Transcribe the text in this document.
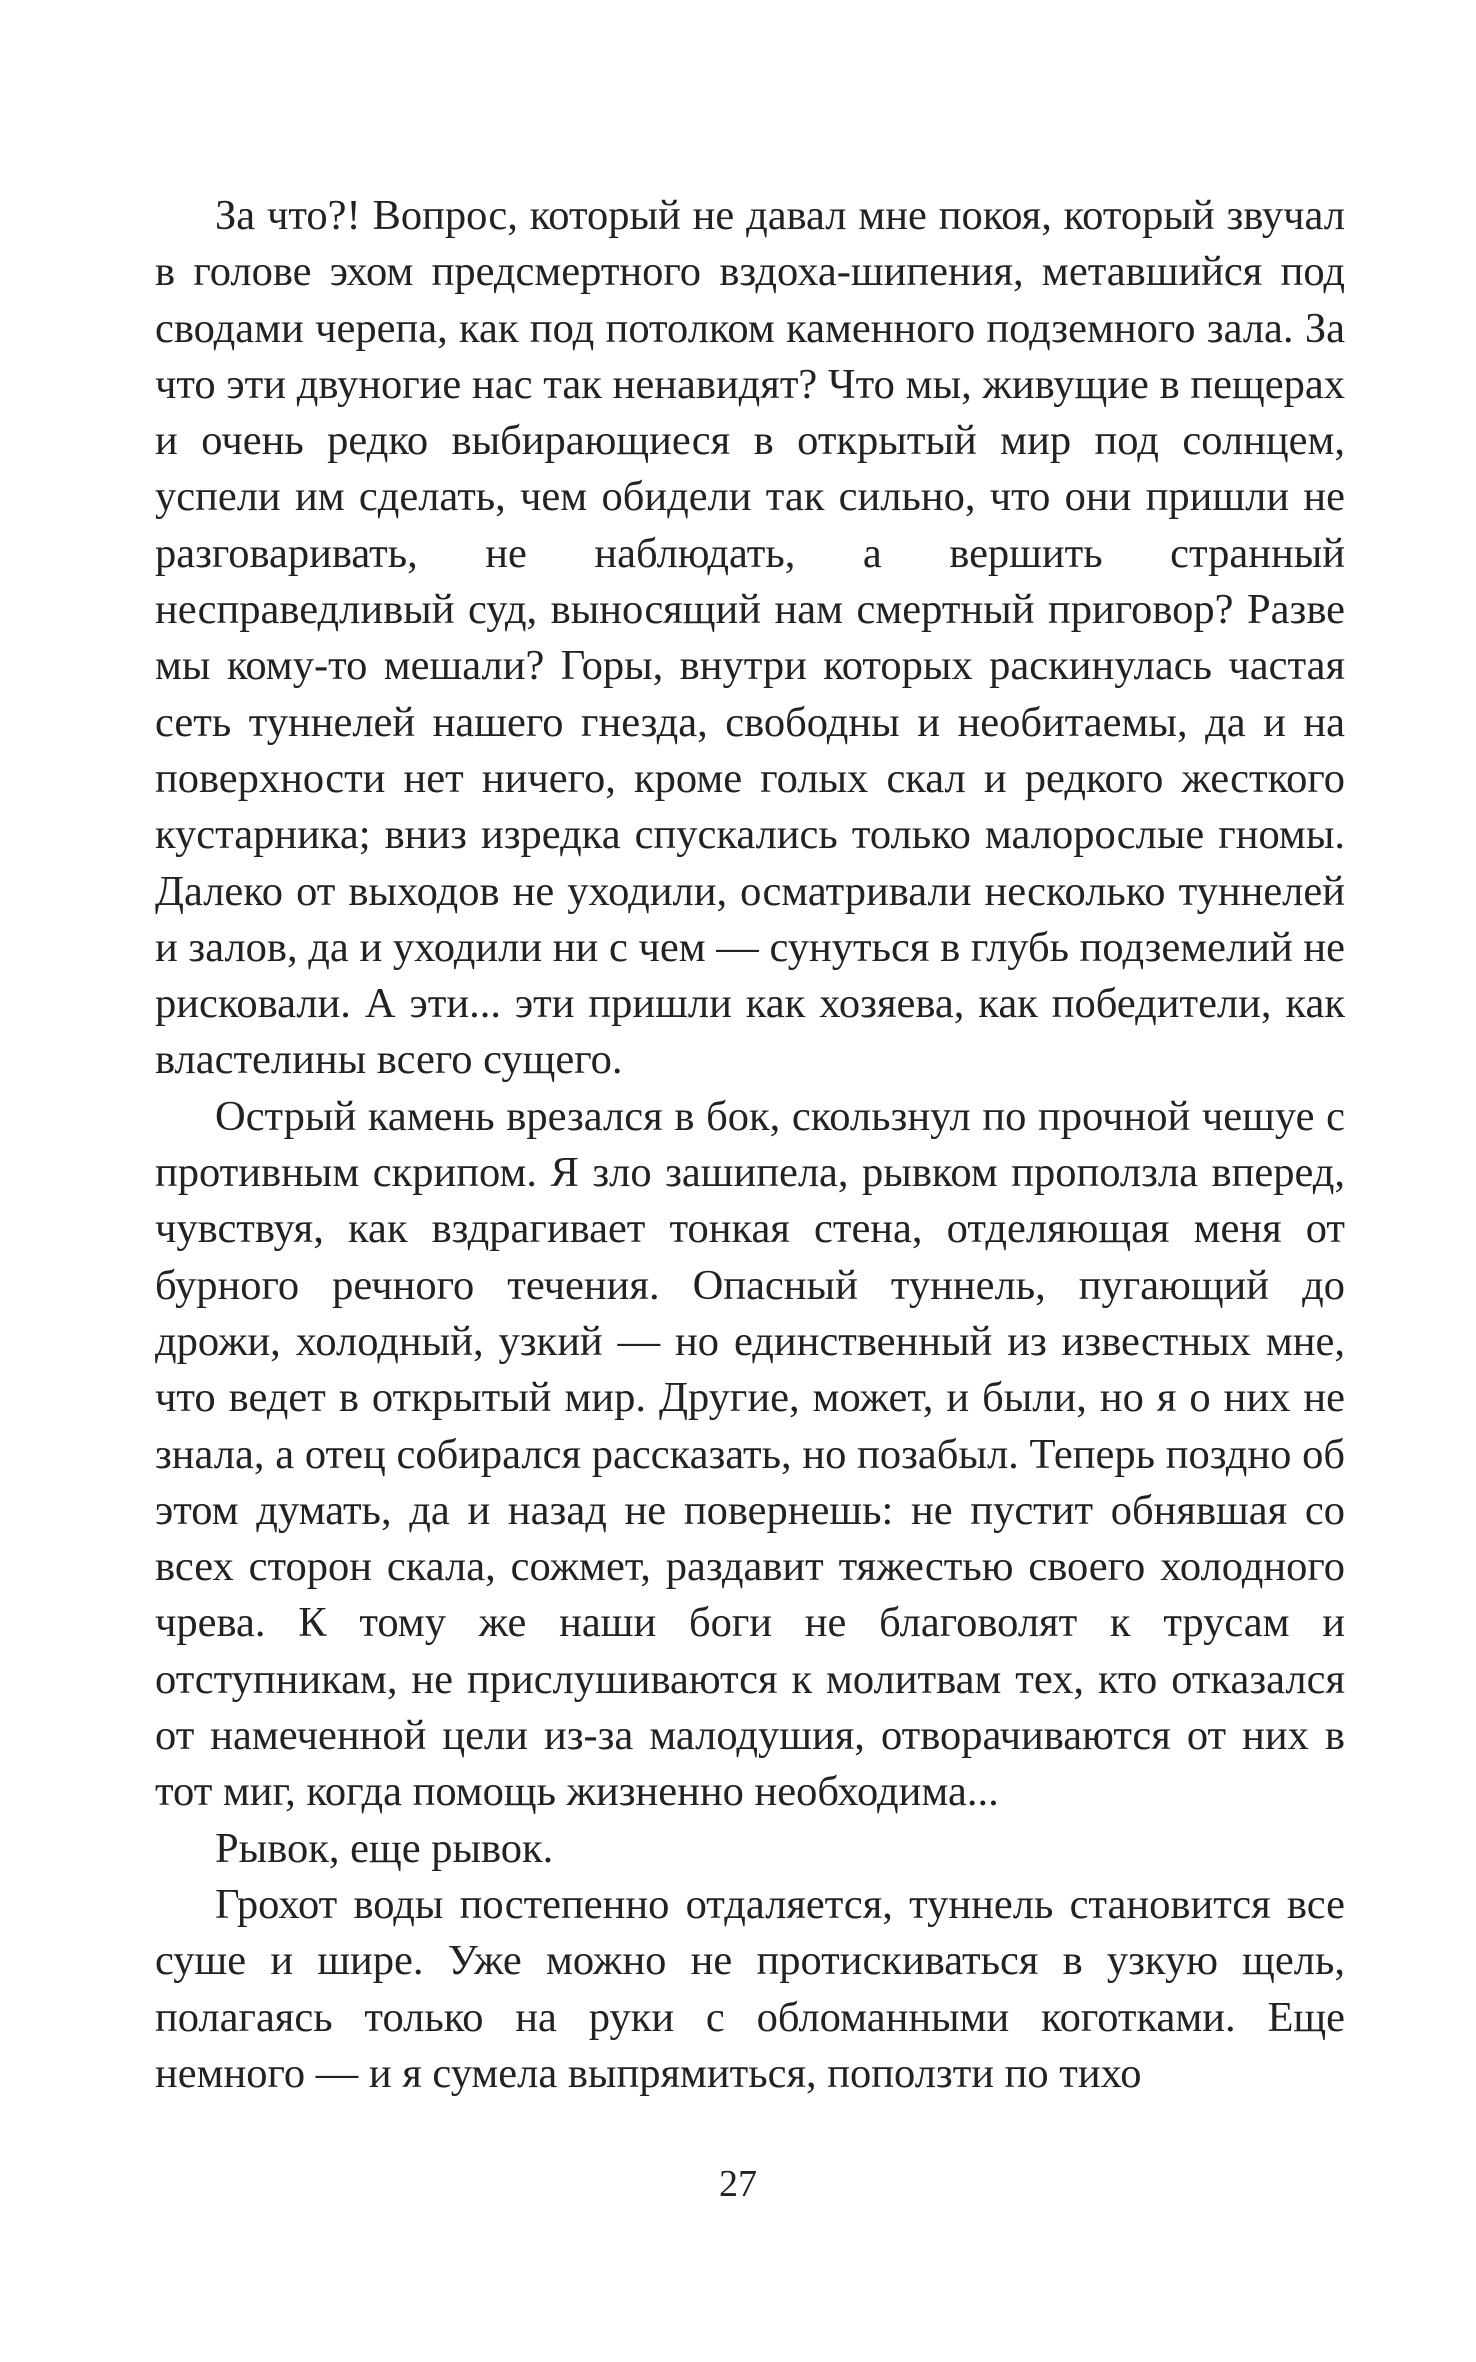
За что?! Вопрос, который не давал мне покоя, который звучал в голове эхом предсмертного вздоха-шипения, метавшийся под сводами черепа, как под потолком каменного подземного зала. За что эти двуногие нас так ненавидят? Что мы, живущие в пещерах и очень редко выбирающиеся в открытый мир под солнцем, успели им сделать, чем обидели так сильно, что они пришли не разговаривать, не наблюдать, а вершить странный несправедливый суд, выносящий нам смертный приговор? Разве мы кому-то мешали? Горы, внутри которых раскинулась частая сеть туннелей нашего гнезда, свободны и необитаемы, да и на поверхности нет ничего, кроме голых скал и редкого жесткого кустарника; вниз изредка спускались только малорослые гномы. Далеко от выходов не уходили, осматривали несколько туннелей и залов, да и уходили ни с чем — сунуться в глубь подземелий не рисковали. А эти... эти пришли как хозяева, как победители, как властелины всего сущего.

Острый камень врезался в бок, скользнул по прочной чешуе с противным скрипом. Я зло зашипела, рывком проползла вперед, чувствуя, как вздрагивает тонкая стена, отделяющая меня от бурного речного течения. Опасный туннель, пугающий до дрожи, холодный, узкий — но единственный из известных мне, что ведет в открытый мир. Другие, может, и были, но я о них не знала, а отец собирался рассказать, но позабыл. Теперь поздно об этом думать, да и назад не повернешь: не пустит обнявшая со всех сторон скала, сожмет, раздавит тяжестью своего холодного чрева. К тому же наши боги не благоволят к трусам и отступникам, не прислушиваются к молитвам тех, кто отказался от намеченной цели из-за малодушия, отворачиваются от них в тот миг, когда помощь жизненно необходима...

Рывок, еще рывок.

Грохот воды постепенно отдаляется, туннель становится все суше и шире. Уже можно не протискиваться в узкую щель, полагаясь только на руки с обломанными коготками. Еще немного — и я сумела выпрямиться, поползти по тихо

27
